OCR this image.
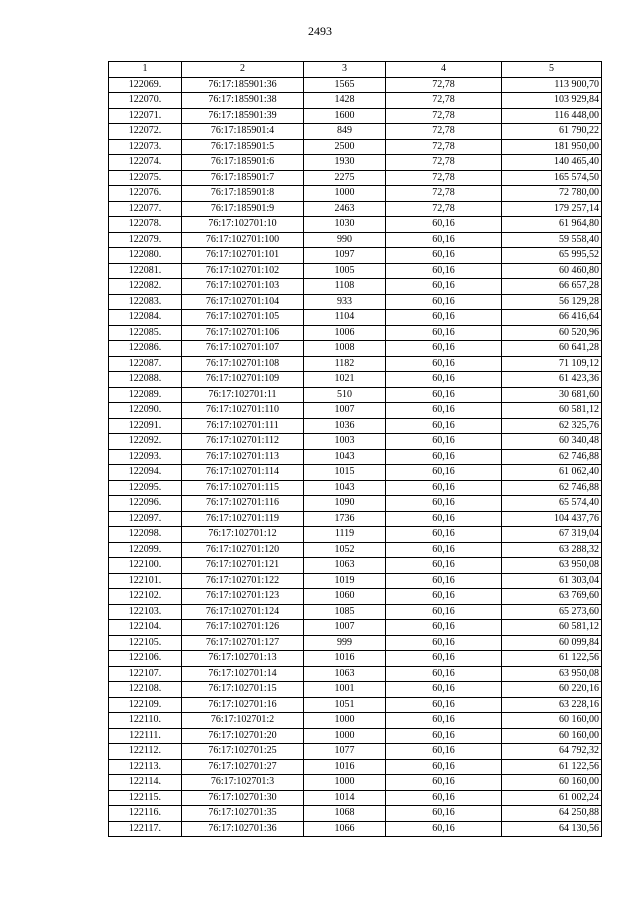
2493
1	2	3	4	5
122069.	76:17:185901:36	1565	72,78	113 900,70
122070.	76:17:185901:38	1428	72,78	103 929,84
122071.	76:17:185901:39	1600	72,78	116 448,00
122072.	76:17:185901:4	849	72,78	61 790,22
122073.	76:17:185901:5	2500	72,78	181 950,00
122074.	76:17:185901:6	1930	72,78	140 465,40
122075.	76:17:185901:7	2275	72,78	165 574,50
122076.	76:17:185901:8	1000	72,78	72 780,00
122077.	76:17:185901:9	2463	72,78	179 257,14
122078.	76:17:102701:10	1030	60,16	61 964,80
122079.	76:17:102701:100	990	60,16	59 558,40
122080.	76:17:102701:101	1097	60,16	65 995,52
122081.	76:17:102701:102	1005	60,16	60 460,80
122082.	76:17:102701:103	1108	60,16	66 657,28
122083.	76:17:102701:104	933	60,16	56 129,28
122084.	76:17:102701:105	1104	60,16	66 416,64
122085.	76:17:102701:106	1006	60,16	60 520,96
122086.	76:17:102701:107	1008	60,16	60 641,28
122087.	76:17:102701:108	1182	60,16	71 109,12
122088.	76:17:102701:109	1021	60,16	61 423,36
122089.	76:17:102701:11	510	60,16	30 681,60
122090.	76:17:102701:110	1007	60,16	60 581,12
122091.	76:17:102701:111	1036	60,16	62 325,76
122092.	76:17:102701:112	1003	60,16	60 340,48
122093.	76:17:102701:113	1043	60,16	62 746,88
122094.	76:17:102701:114	1015	60,16	61 062,40
122095.	76:17:102701:115	1043	60,16	62 746,88
122096.	76:17:102701:116	1090	60,16	65 574,40
122097.	76:17:102701:119	1736	60,16	104 437,76
122098.	76:17:102701:12	1119	60,16	67 319,04
122099.	76:17:102701:120	1052	60,16	63 288,32
122100.	76:17:102701:121	1063	60,16	63 950,08
122101.	76:17:102701:122	1019	60,16	61 303,04
122102.	76:17:102701:123	1060	60,16	63 769,60
122103.	76:17:102701:124	1085	60,16	65 273,60
122104.	76:17:102701:126	1007	60,16	60 581,12
122105.	76:17:102701:127	999	60,16	60 099,84
122106.	76:17:102701:13	1016	60,16	61 122,56
122107.	76:17:102701:14	1063	60,16	63 950,08
122108.	76:17:102701:15	1001	60,16	60 220,16
122109.	76:17:102701:16	1051	60,16	63 228,16
122110.	76:17:102701:2	1000	60,16	60 160,00
122111.	76:17:102701:20	1000	60,16	60 160,00
122112.	76:17:102701:25	1077	60,16	64 792,32
122113.	76:17:102701:27	1016	60,16	61 122,56
122114.	76:17:102701:3	1000	60,16	60 160,00
122115.	76:17:102701:30	1014	60,16	61 002,24
122116.	76:17:102701:35	1068	60,16	64 250,88
122117.	76:17:102701:36	1066	60,16	64 130,56
